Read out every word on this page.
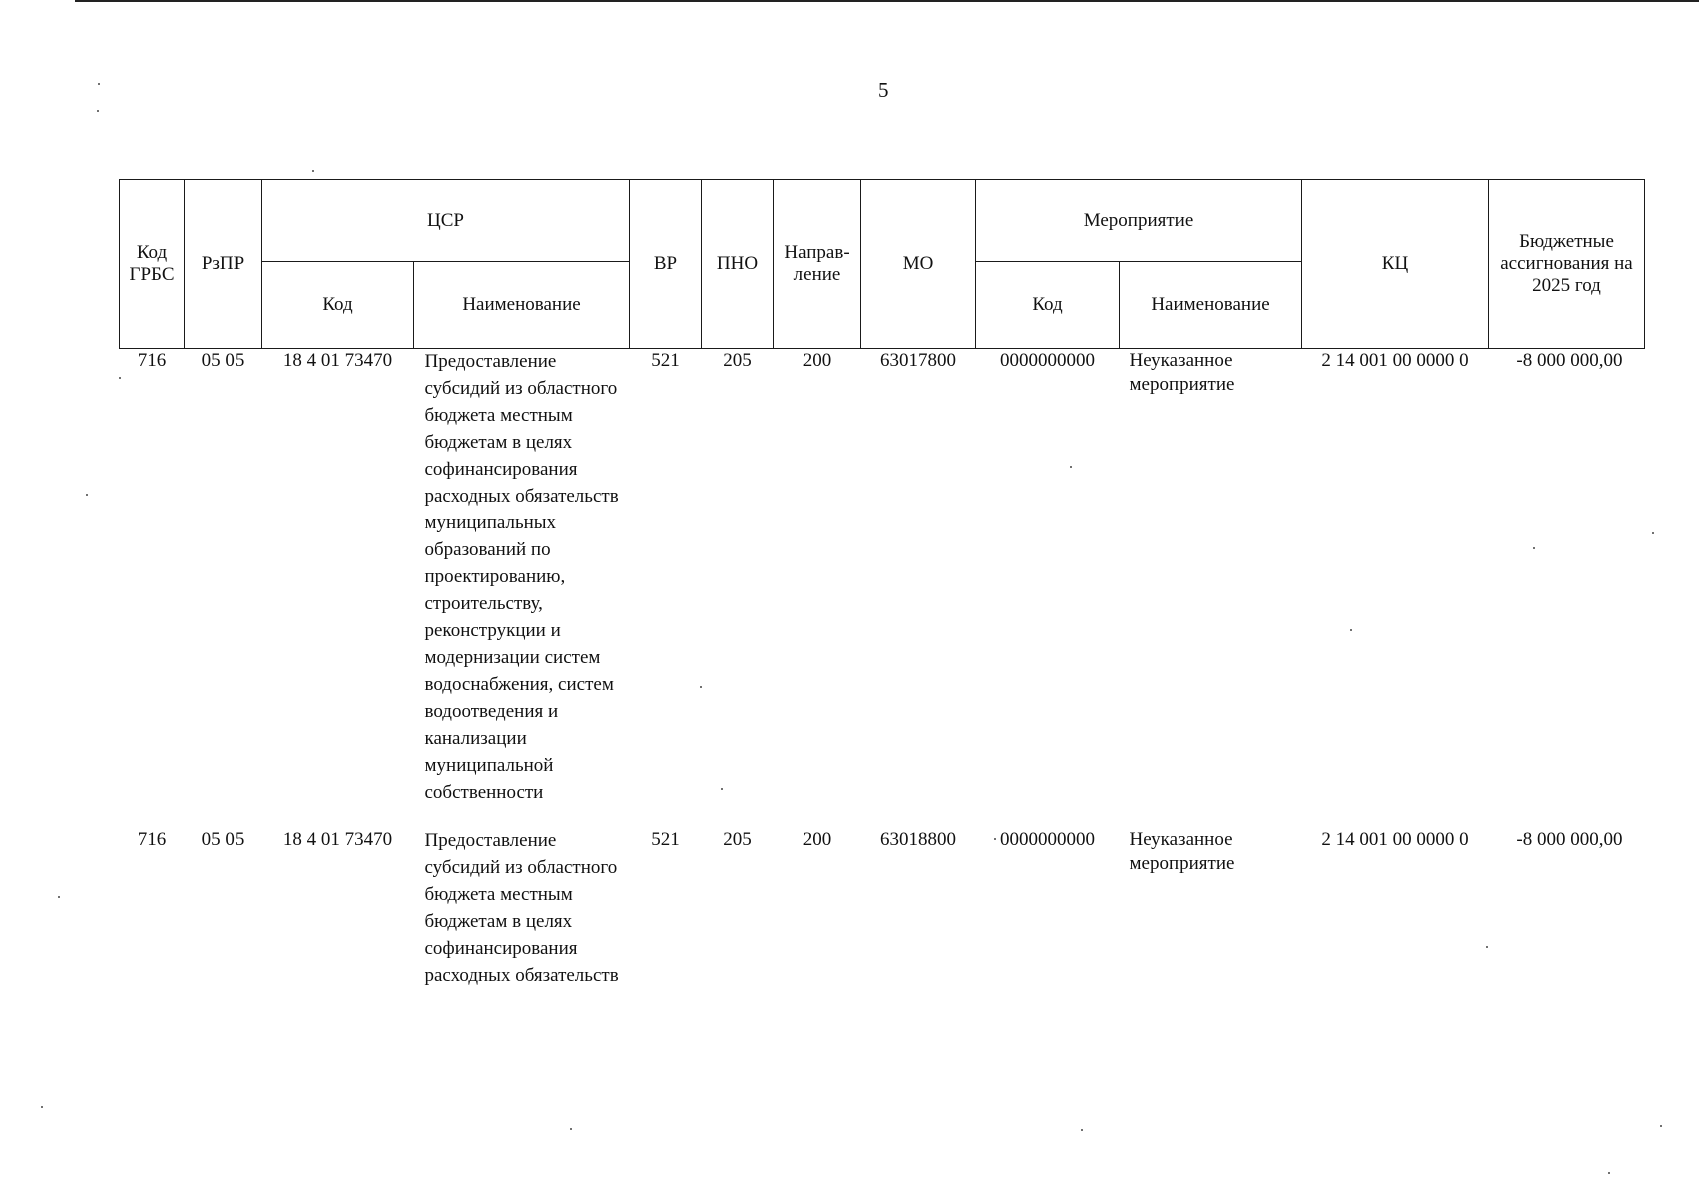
5
Код ГРБС	РзПР	ЦСР		ВР	ПНО	Направ-ление	МО	Мероприятие		КЦ	Бюджетные ассигнования на 2025 год
		Код	Наименование					Код	Наименование		
716	05 05	18 4 01 73470	Предоставление субсидий из областного бюджета местным бюджетам в целях софинансирования расходных обязательств муниципальных образований по проектированию, строительству, реконструкции и модернизации систем водоснабжения, систем водоотведения и канализации муниципальной собственности	521	205	200	63017800	0000000000	Неуказанное мероприятие	2 14 001 00 0000 0	-8 000 000,00
716	05 05	18 4 01 73470	Предоставление субсидий из областного бюджета местным бюджетам в целях софинансирования расходных обязательств	521	205	200	63018800	0000000000	Неуказанное мероприятие	2 14 001 00 0000 0	-8 000 000,00
